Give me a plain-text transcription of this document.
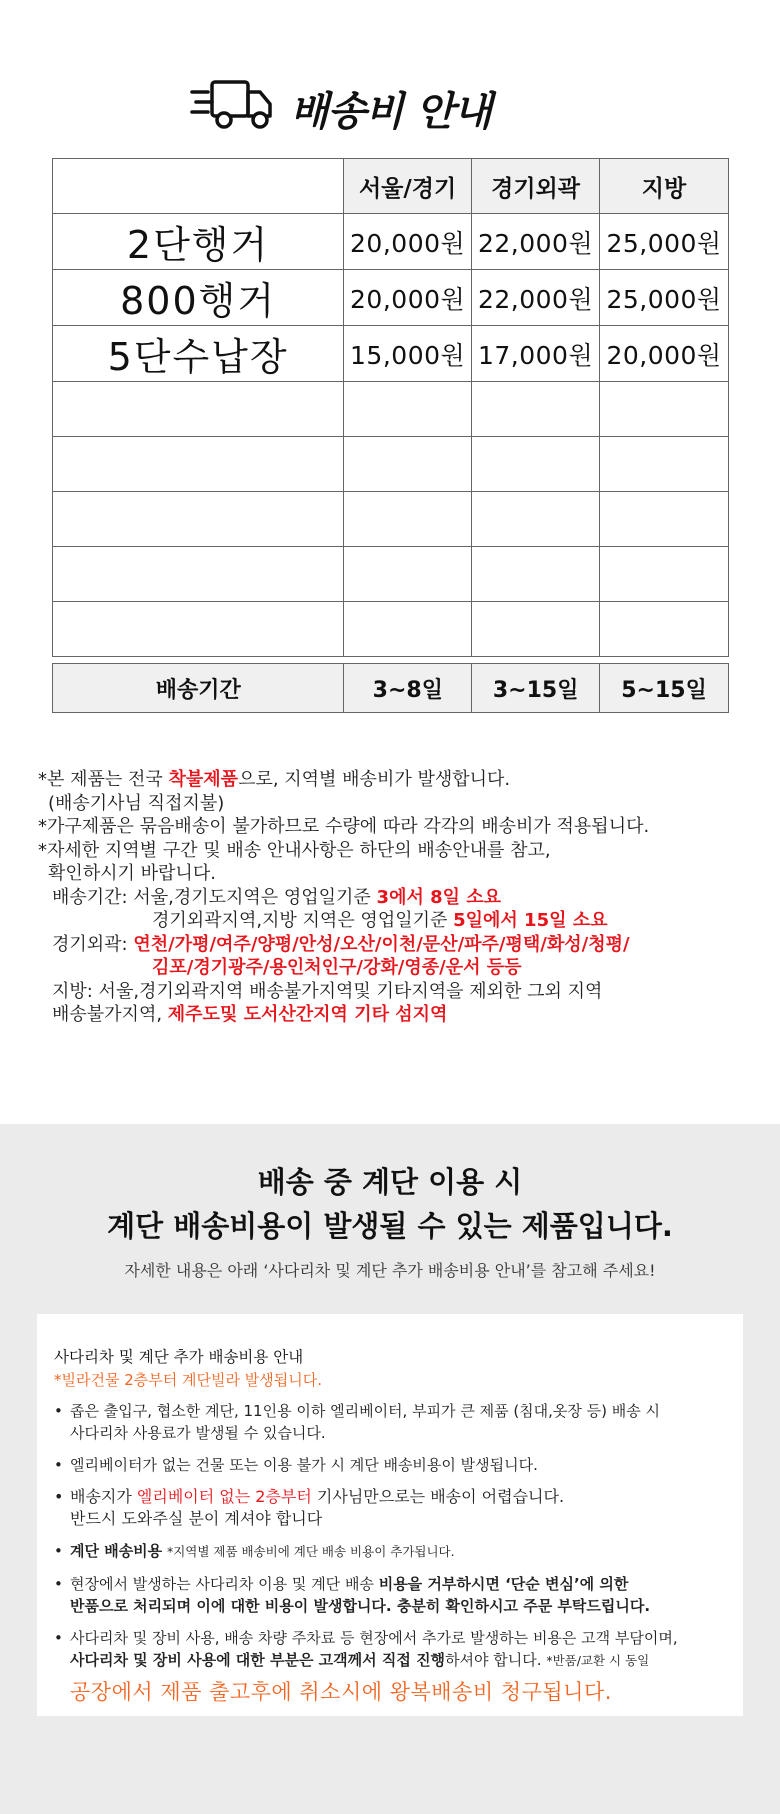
배송비 안내
	서울/경기	경기외곽	지방
2단행거	20,000원	22,000원	25,000원
800행거	20,000원	22,000원	25,000원
5단수납장	15,000원	17,000원	20,000원

배송기간	3~8일	3~15일	5~15일
*본 제품는 전국 착불제품으로, 지역별 배송비가 발생합니다.
(배송기사님 직접지불)
*가구제품은 묶음배송이 불가하므로 수량에 따라 각각의 배송비가 적용됩니다.
*자세한 지역별 구간 및 배송 안내사항은 하단의 배송안내를 참고,
확인하시기 바랍니다.
배송기간: 서울,경기도지역은 영업일기준 3에서 8일 소요
경기외곽지역,지방 지역은 영업일기준 5일에서 15일 소요
경기외곽: 연천/가평/여주/양평/안성/오산/이천/문산/파주/평택/화성/청평/
김포/경기광주/용인처인구/강화/영종/운서 등등
지방: 서울,경기외곽지역 배송불가지역및 기타지역을 제외한 그외 지역
배송불가지역, 제주도및 도서산간지역 기타 섬지역
배송 중 계단 이용 시
계단 배송비용이 발생될 수 있는 제품입니다.
자세한 내용은 아래 ‘사다리차 및 계단 추가 배송비용 안내’를 참고해 주세요!
사다리차 및 계단 추가 배송비용 안내
*빌라건물 2층부터 계단빌라 발생됩니다.
• 좁은 출입구, 협소한 계단, 11인용 이하 엘리베이터, 부피가 큰 제품 (침대,옷장 등) 배송 시
사다리차 사용료가 발생될 수 있습니다.
• 엘리베이터가 없는 건물 또는 이용 불가 시 계단 배송비용이 발생됩니다.
• 배송지가 엘리베이터 없는 2층부터 기사님만으로는 배송이 어렵습니다.
반드시 도와주실 분이 계셔야 합니다
• 계단 배송비용 *지역별 제품 배송비에 계단 배송 비용이 추가됩니다.
• 현장에서 발생하는 사다리차 이용 및 계단 배송 비용을 거부하시면 ‘단순 변심’에 의한
반품으로 처리되며 이에 대한 비용이 발생합니다. 충분히 확인하시고 주문 부탁드립니다.
• 사다리차 및 장비 사용, 배송 차량 주차료 등 현장에서 추가로 발생하는 비용은 고객 부담이며,
사다리차 및 장비 사용에 대한 부분은 고객께서 직접 진행하셔야 합니다. *반품/교환 시 동일
공장에서 제품 출고후에 취소시에 왕복배송비 청구됩니다.
